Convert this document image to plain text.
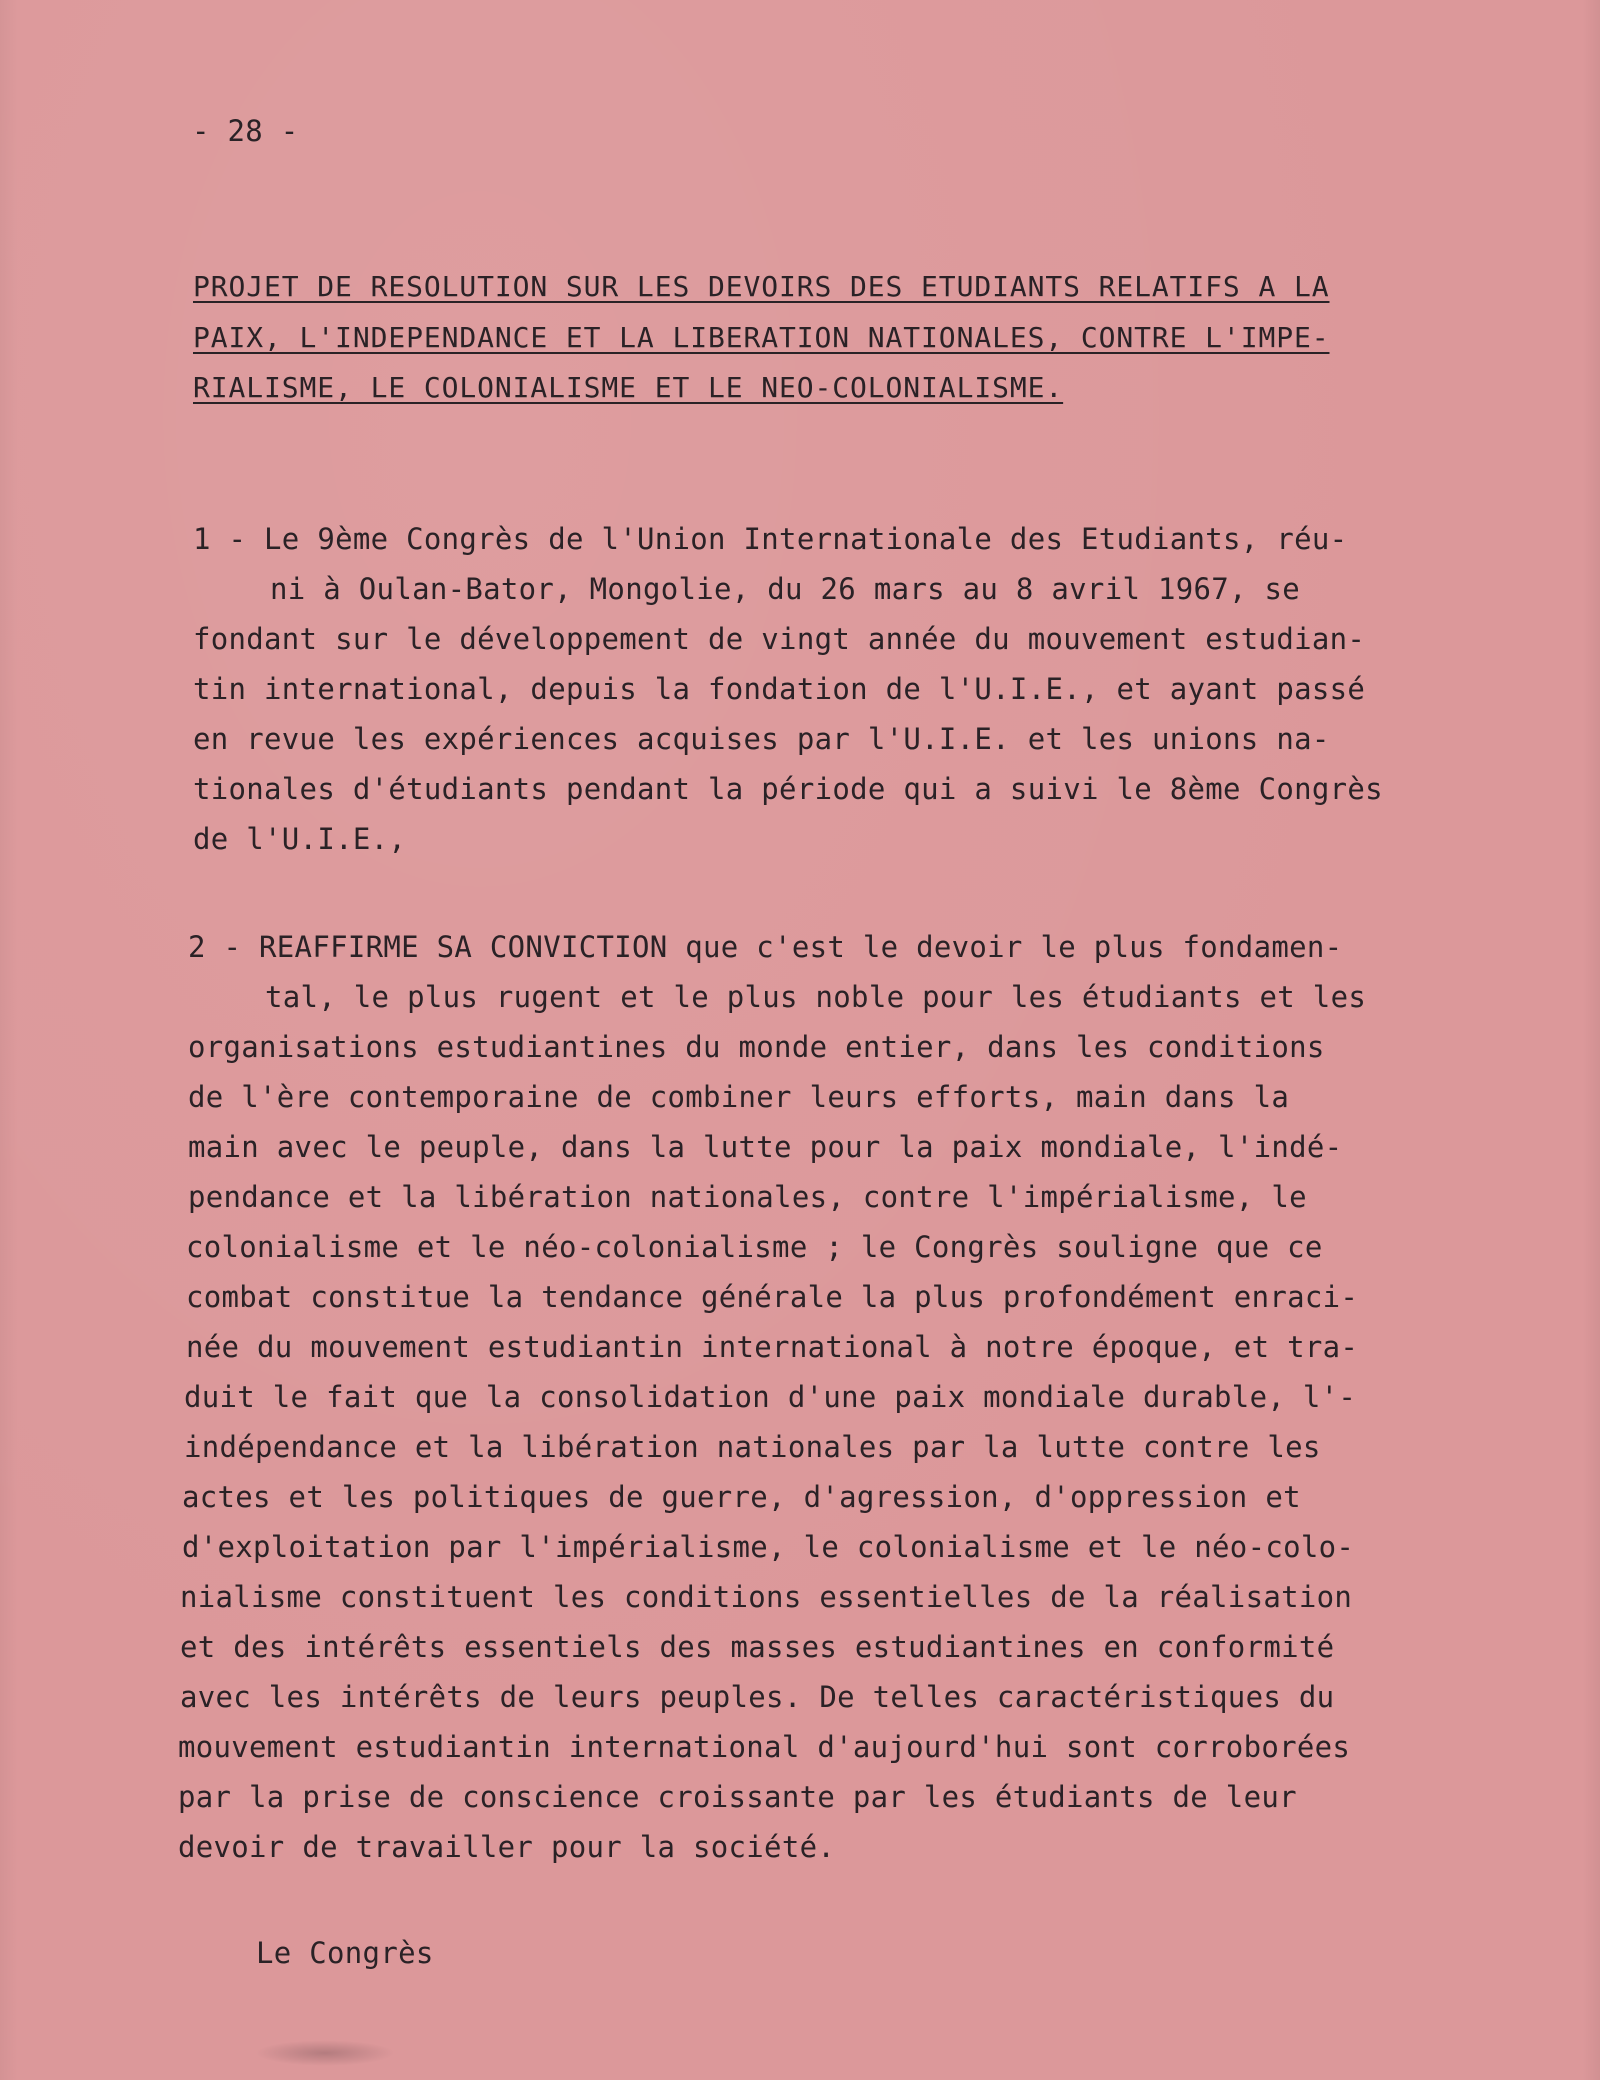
- 28 -
PROJET DE RESOLUTION SUR LES DEVOIRS DES ETUDIANTS RELATIFS A LA
PAIX, L'INDEPENDANCE ET LA LIBERATION NATIONALES, CONTRE L'IMPE-
RIALISME, LE COLONIALISME ET LE NEO-COLONIALISME.
1 - Le 9ème Congrès de l'Union Internationale des Etudiants, réu-
ni à Oulan-Bator, Mongolie, du 26 mars au 8 avril 1967, se
fondant sur le développement de vingt année du mouvement estudian-
tin international, depuis la fondation de l'U.I.E., et ayant passé
en revue les expériences acquises par l'U.I.E. et les unions na-
tionales d'étudiants pendant la période qui a suivi le 8ème Congrès
de l'U.I.E.,
2 - REAFFIRME SA CONVICTION que c'est le devoir le plus fondamen-
tal, le plus rugent et le plus noble pour les étudiants et les
organisations estudiantines du monde entier, dans les conditions
de l'ère contemporaine de combiner leurs efforts, main dans la
main avec le peuple, dans la lutte pour la paix mondiale, l'indé-
pendance et la libération nationales, contre l'impérialisme, le
colonialisme et le néo-colonialisme ; le Congrès souligne que ce
combat constitue la tendance générale la plus profondément enraci-
née du mouvement estudiantin international à notre époque, et tra-
duit le fait que la consolidation d'une paix mondiale durable, l'-
indépendance et la libération nationales par la lutte contre les
actes et les politiques de guerre, d'agression, d'oppression et
d'exploitation par l'impérialisme, le colonialisme et le néo-colo-
nialisme constituent les conditions essentielles de la réalisation
et des intérêts essentiels des masses estudiantines en conformité
avec les intérêts de leurs peuples. De telles caractéristiques du
mouvement estudiantin international d'aujourd'hui sont corroborées
par la prise de conscience croissante par les étudiants de leur
devoir de travailler pour la société.
Le Congrès
